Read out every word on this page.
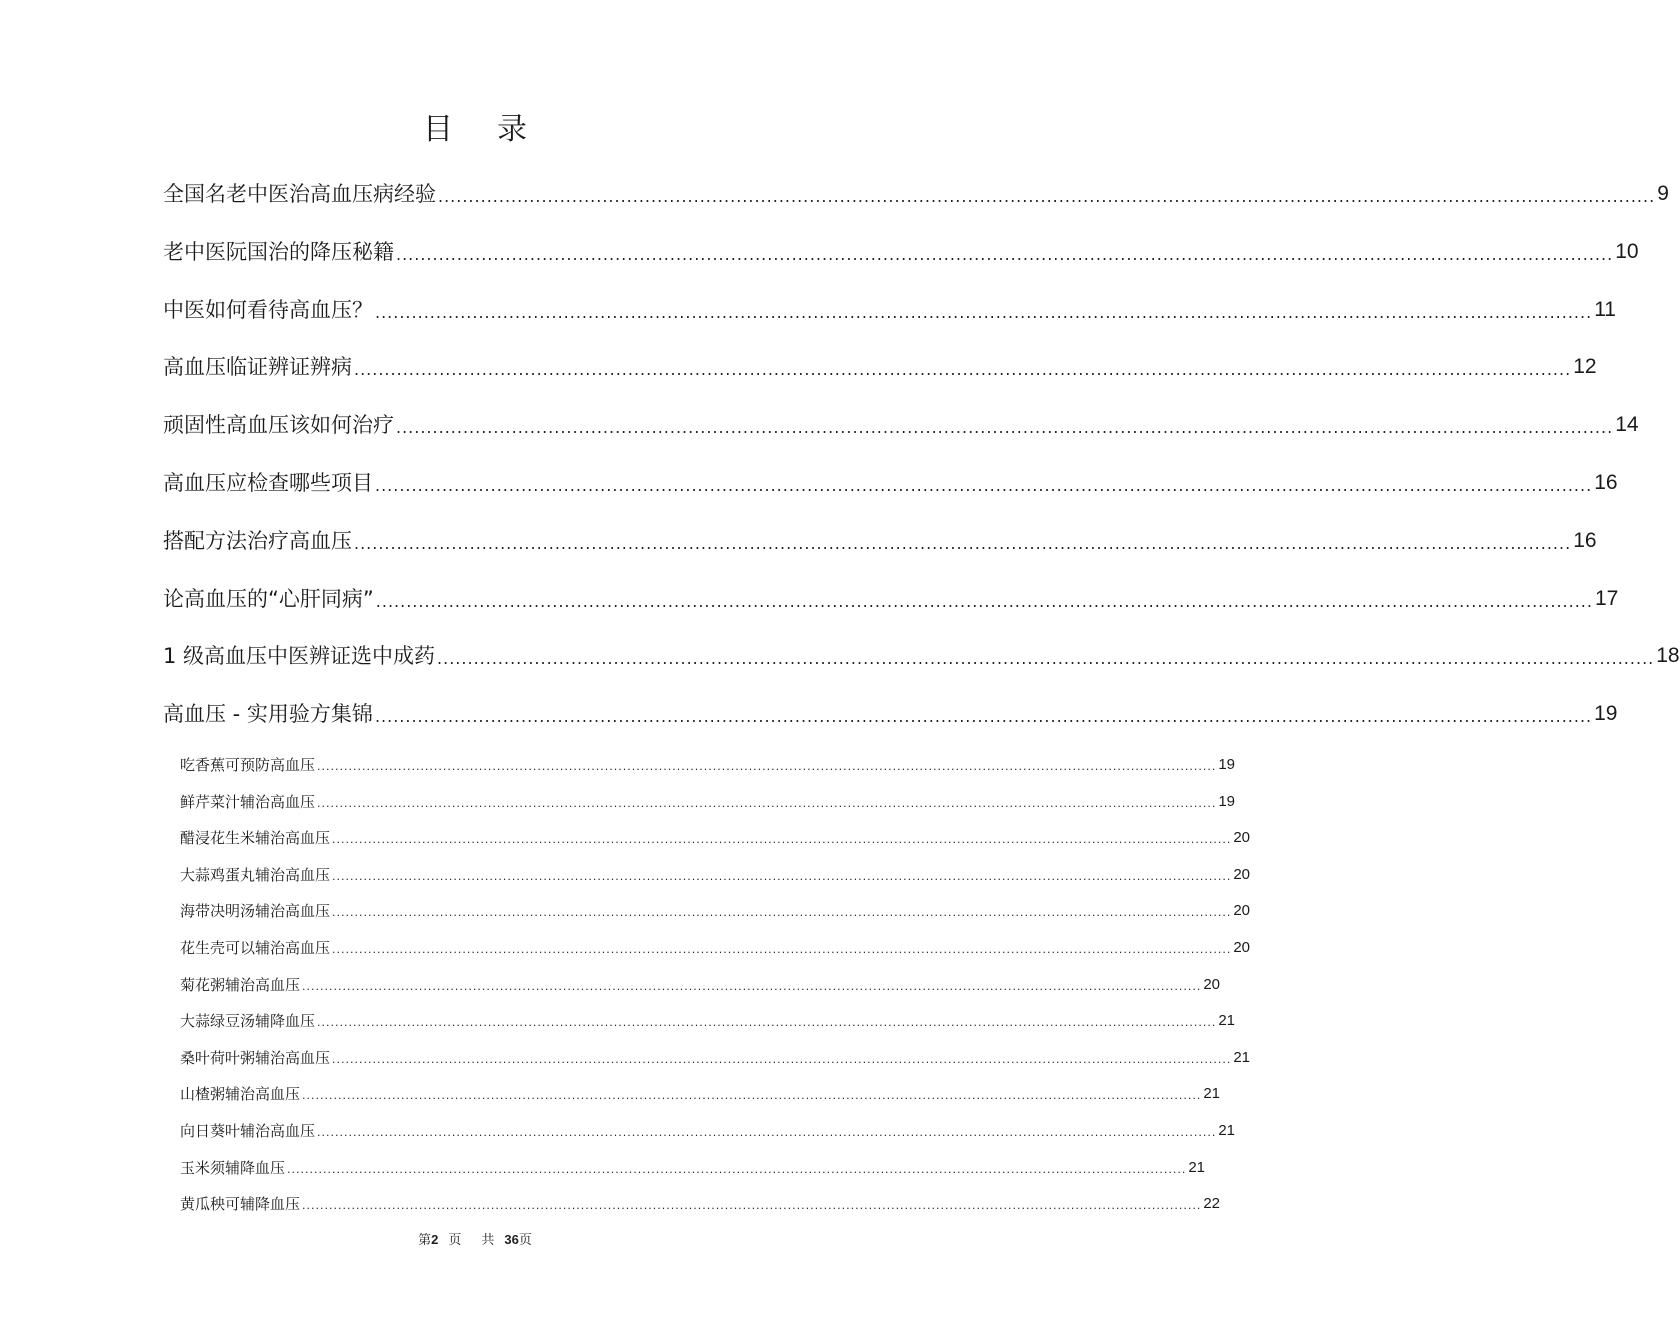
目 录
全国名老中医治高血压病经验 ........................................................................................................................................................................................................ 9
老中医阮国治的降压秘籍 ........................................................................................................................................................................................................ 10
中医如何看待高血压？ ........................................................................................................................................................................................................ 11
高血压临证辨证辨病 ........................................................................................................................................................................................................ 12
顽固性高血压该如何治疗 ........................................................................................................................................................................................................ 14
高血压应检查哪些项目 ........................................................................................................................................................................................................ 16
搭配方法治疗高血压 ........................................................................................................................................................................................................ 16
论高血压的“心肝同病” ........................................................................................................................................................................................................ 17
1 级高血压中医辨证选中成药 ........................................................................................................................................................................................................ 18
高血压 - 实用验方集锦 ........................................................................................................................................................................................................ 19
吃香蕉可预防高血压 ........................................................................................................................................................................................................ 19
鲜芹菜汁辅治高血压 ........................................................................................................................................................................................................ 19
醋浸花生米辅治高血压 ........................................................................................................................................................................................................ 20
大蒜鸡蛋丸辅治高血压 ........................................................................................................................................................................................................ 20
海带决明汤辅治高血压 ........................................................................................................................................................................................................ 20
花生壳可以辅治高血压 ........................................................................................................................................................................................................ 20
菊花粥辅治高血压 ........................................................................................................................................................................................................ 20
大蒜绿豆汤辅降血压 ........................................................................................................................................................................................................ 21
桑叶荷叶粥辅治高血压 ........................................................................................................................................................................................................ 21
山楂粥辅治高血压 ........................................................................................................................................................................................................ 21
向日葵叶辅治高血压 ........................................................................................................................................................................................................ 21
玉米须辅降血压 ........................................................................................................................................................................................................ 21
黄瓜秧可辅降血压 ........................................................................................................................................................................................................ 22
第2 页 共 36页
